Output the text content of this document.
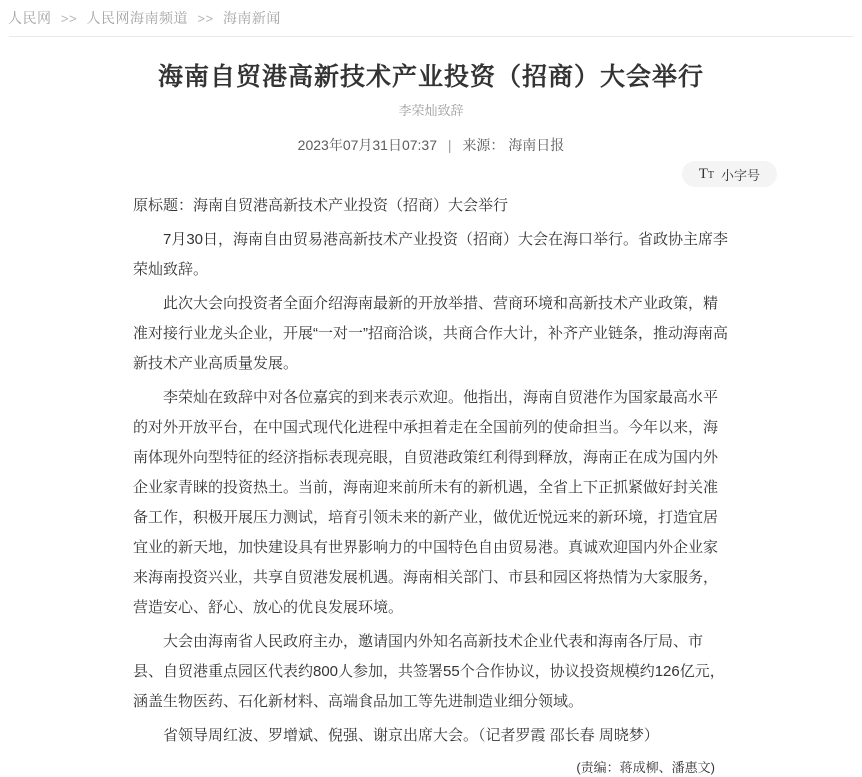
人民网 >> 人民网海南频道 >> 海南新闻
海南自贸港高新技术产业投资（招商）大会举行
李荣灿致辞
2023年07月31日07:37 | 来源： 海南日报
T T 小字号

原标题：海南自贸港高新技术产业投资（招商）大会举行

7月30日，海南自由贸易港高新技术产业投资（招商）大会在海口举行。省政协主席李荣灿致辞。

此次大会向投资者全面介绍海南最新的开放举措、营商环境和高新技术产业政策，精准对接行业龙头企业，开展“一对一”招商洽谈，共商合作大计，补齐产业链条，推动海南高新技术产业高质量发展。

李荣灿在致辞中对各位嘉宾的到来表示欢迎。他指出，海南自贸港作为国家最高水平的对外开放平台，在中国式现代化进程中承担着走在全国前列的使命担当。今年以来，海南体现外向型特征的经济指标表现亮眼，自贸港政策红利得到释放，海南正在成为国内外企业家青睐的投资热土。当前，海南迎来前所未有的新机遇，全省上下正抓紧做好封关准备工作，积极开展压力测试，培育引领未来的新产业，做优近悦远来的新环境，打造宜居宜业的新天地，加快建设具有世界影响力的中国特色自由贸易港。真诚欢迎国内外企业家来海南投资兴业，共享自贸港发展机遇。海南相关部门、市县和园区将热情为大家服务，营造安心、舒心、放心的优良发展环境。

大会由海南省人民政府主办，邀请国内外知名高新技术企业代表和海南各厅局、市县、自贸港重点园区代表约800人参加，共签署55个合作协议，协议投资规模约126亿元，涵盖生物医药、石化新材料、高端食品加工等先进制造业细分领域。

省领导周红波、罗增斌、倪强、谢京出席大会。（记者罗霞 邵长春 周晓梦）

(责编：蒋成柳、潘惠文)
